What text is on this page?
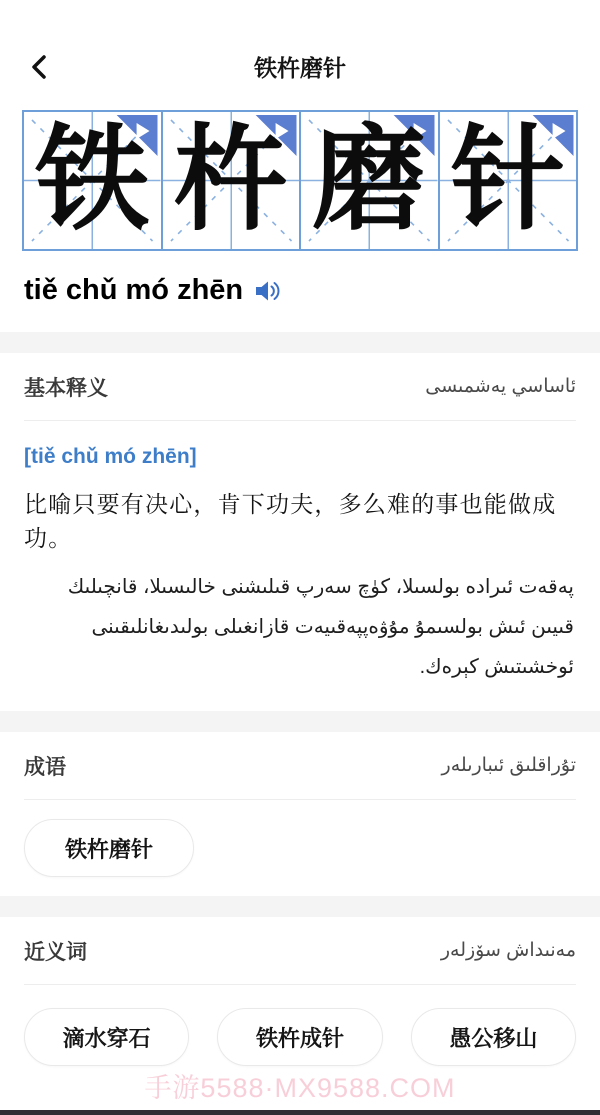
铁杵磨针
铁 杵 磨 针
tiě chǔ mó zhēn
基本释义	ئاساسي يەشمىسى
[tiě chǔ mó zhēn]
比喻只要有决心，肯下功夫，多么难的事也能做成功。
پەقەت ئىراده بولسىلا، كۈچ سەرپ قىلىشنى خالىسىلا، قانچىلىك قىيىن ئىش بولسىمۇ مۇۋەپپەقىيەت قازانغىلى بولىدىغانلىقىنى ئوخشىتىش كېرەك.
成语	تۇراقلىق ئىبارىلەر
铁杵磨针
近义词	مەنىداش سۆزلەر
滴水穿石	铁杵成针	愚公移山
手游5588·MX9588.COM
